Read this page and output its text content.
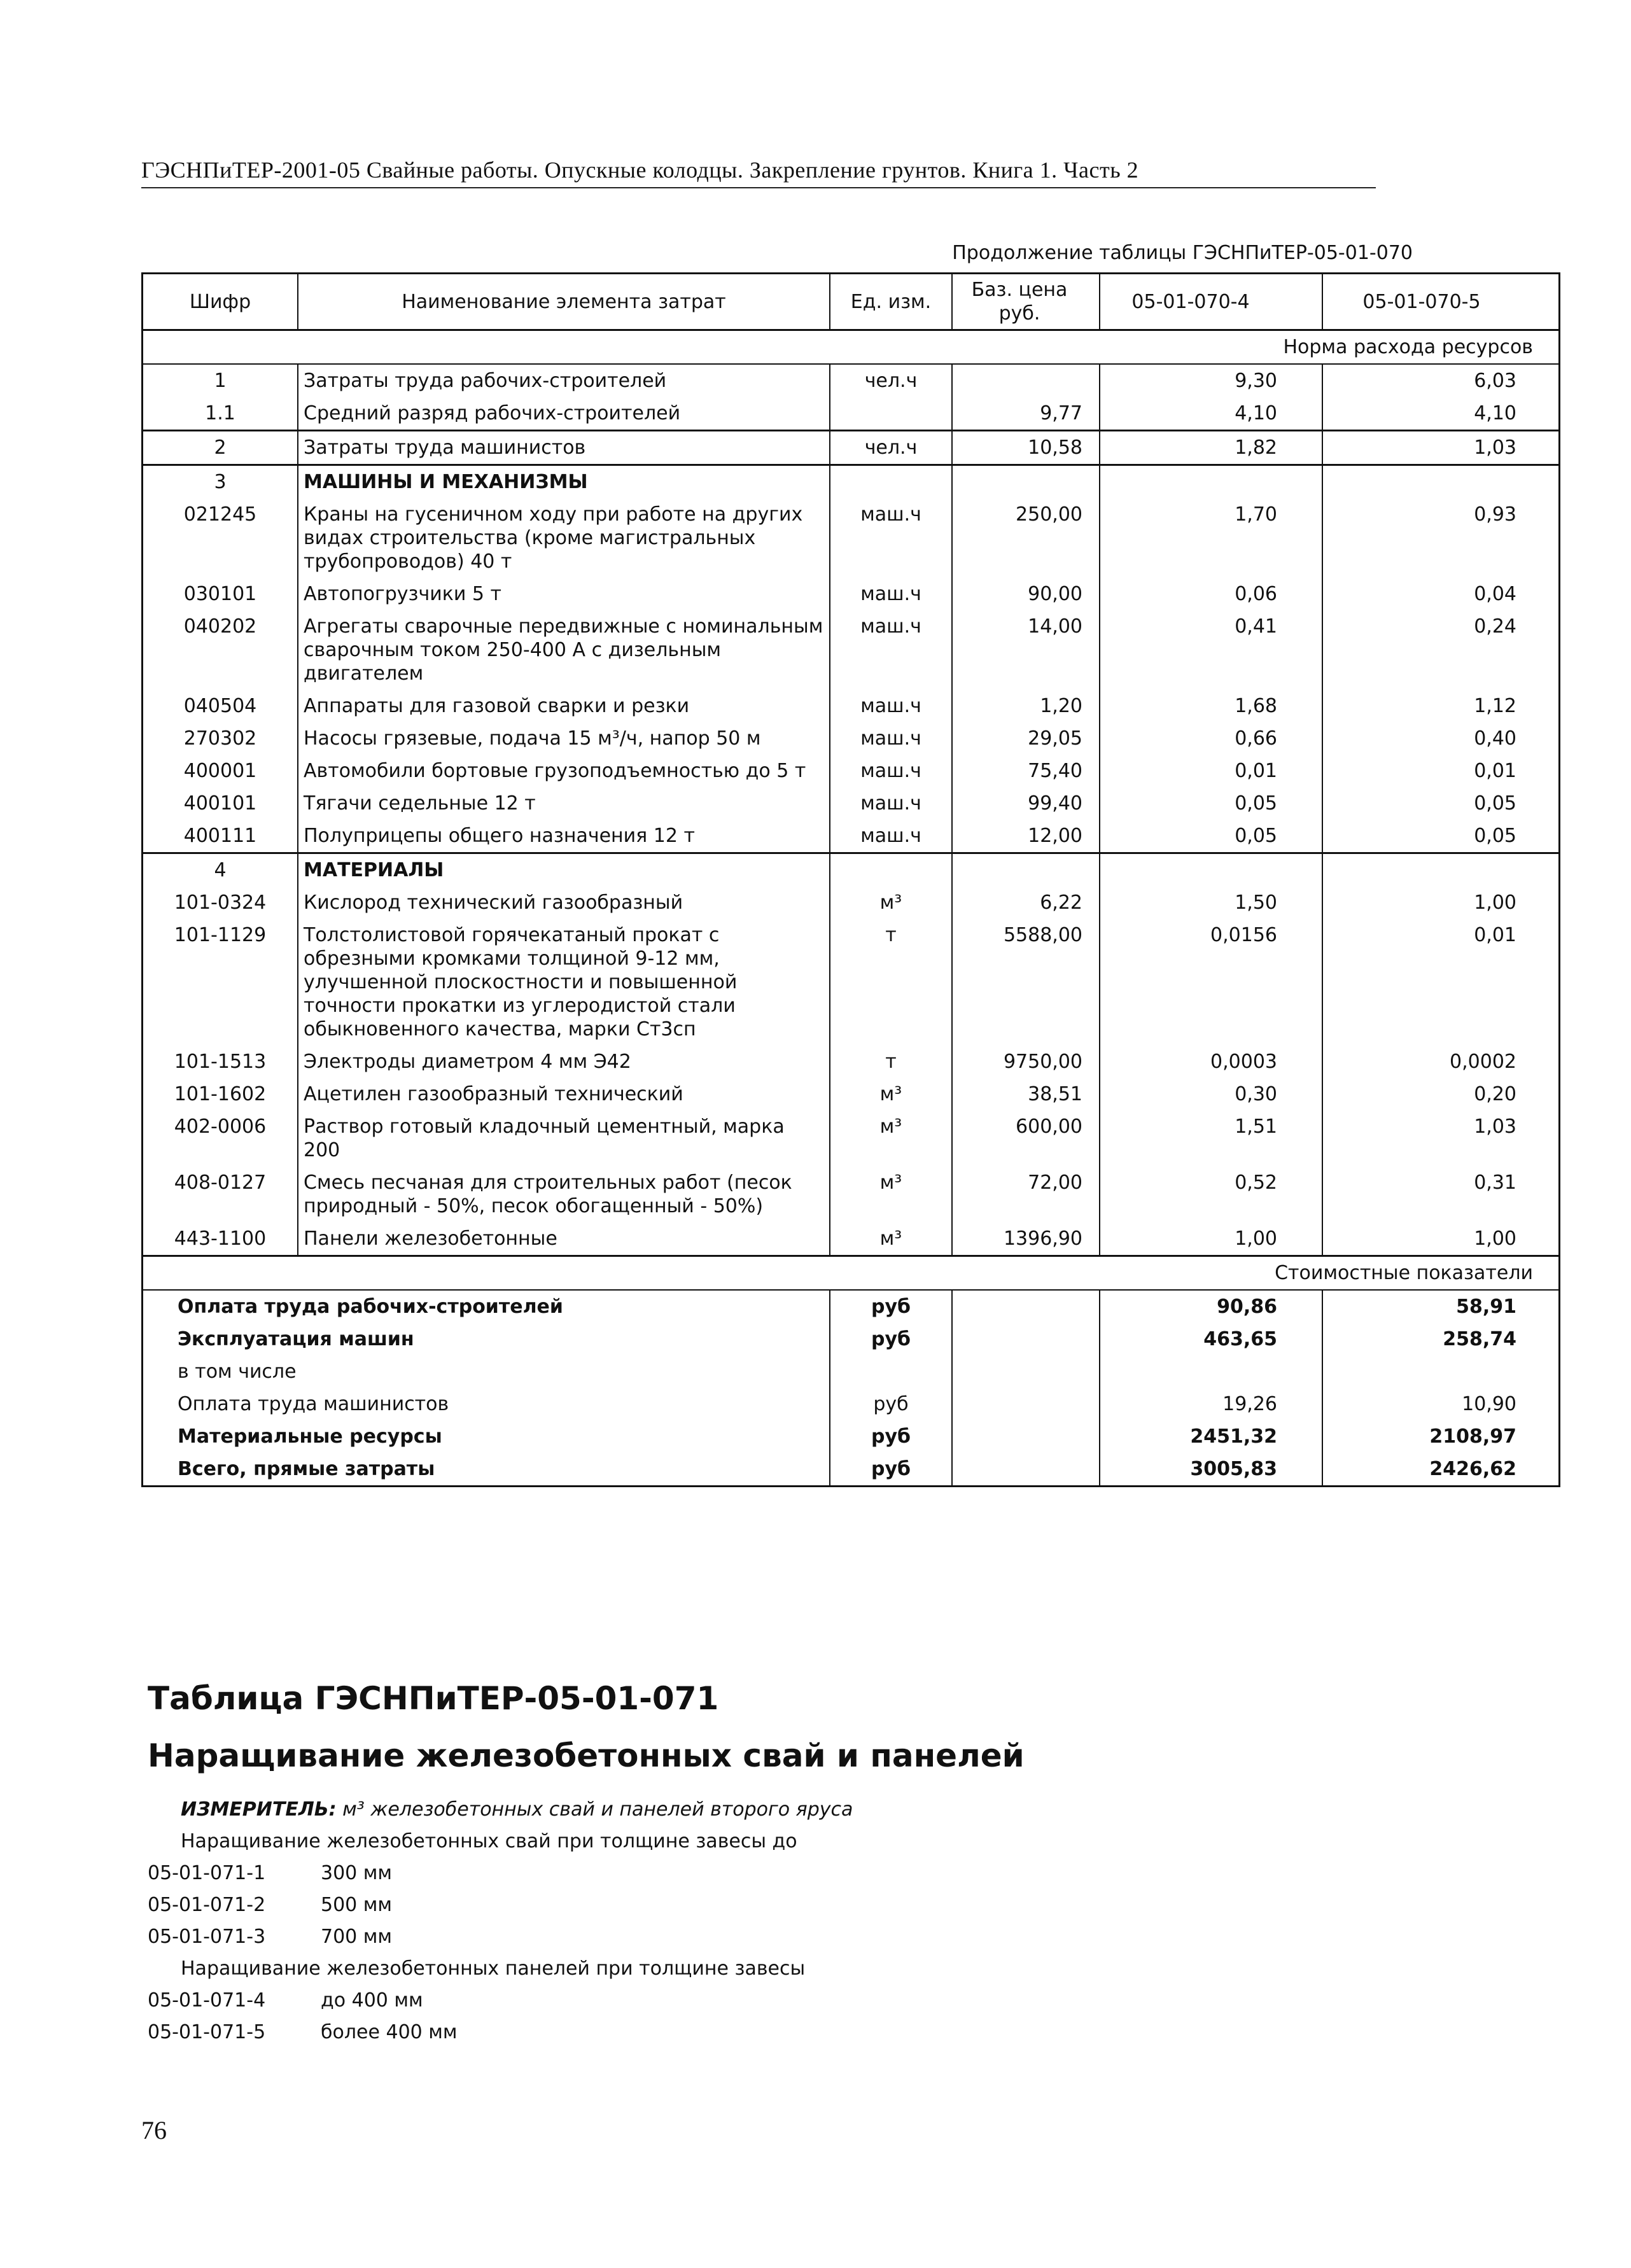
ГЭСНПиТЕР-2001-05 Свайные работы. Опускные колодцы. Закрепление грунтов. Книга 1. Часть 2
Продолжение таблицы ГЭСНПиТЕР-05-01-070
Шифр	Наименование элемента затрат	Ед. изм.	Баз. цена руб.	05-01-070-4	05-01-070-5
Норма расхода ресурсов					
1	Затраты труда рабочих-строителей	чел.ч		9,30	6,03
1.1	Средний разряд рабочих-строителей		9,77	4,10	4,10
2	Затраты труда машинистов	чел.ч	10,58	1,82	1,03
3	МАШИНЫ И МЕХАНИЗМЫ				
021245	Краны на гусеничном ходу при работе на других видах строительства (кроме магистральных трубопроводов) 40 т	маш.ч	250,00	1,70	0,93
030101	Автопогрузчики 5 т	маш.ч	90,00	0,06	0,04
040202	Агрегаты сварочные передвижные с номинальным сварочным током 250-400 А с дизельным двигателем	маш.ч	14,00	0,41	0,24
040504	Аппараты для газовой сварки и резки	маш.ч	1,20	1,68	1,12
270302	Насосы грязевые, подача 15 м³/ч, напор 50 м	маш.ч	29,05	0,66	0,40
400001	Автомобили бортовые грузоподъемностью до 5 т	маш.ч	75,40	0,01	0,01
400101	Тягачи седельные 12 т	маш.ч	99,40	0,05	0,05
400111	Полуприцепы общего назначения 12 т	маш.ч	12,00	0,05	0,05
4	МАТЕРИАЛЫ				
101-0324	Кислород технический газообразный	м³	6,22	1,50	1,00
101-1129	Толстолистовой горячекатаный прокат с обрезными кромками толщиной 9-12 мм, улучшенной плоскостности и повышенной точности прокатки из углеродистой стали обыкновенного качества, марки Ст3сп	т	5588,00	0,0156	0,01
101-1513	Электроды диаметром 4 мм Э42	т	9750,00	0,0003	0,0002
101-1602	Ацетилен газообразный технический	м³	38,51	0,30	0,20
402-0006	Раствор готовый кладочный цементный, марка 200	м³	600,00	1,51	1,03
408-0127	Смесь песчаная для строительных работ (песок природный - 50%, песок обогащенный - 50%)	м³	72,00	0,52	0,31
443-1100	Панели железобетонные	м³	1396,90	1,00	1,00
Стоимостные показатели					
Оплата труда рабочих-строителей		руб		90,86	58,91
Эксплуатация машин		руб		463,65	258,74
в том числе					
Оплата труда машинистов		руб		19,26	10,90
Материальные ресурсы		руб		2451,32	2108,97
Всего, прямые затраты		руб		3005,83	2426,62
Таблица ГЭСНПиТЕР-05-01-071
Наращивание железобетонных свай и панелей
ИЗМЕРИТЕЛЬ: м³ железобетонных свай и панелей второго яруса
Наращивание железобетонных свай при толщине завесы до
05-01-071-1	300 мм
05-01-071-2	500 мм
05-01-071-3	700 мм
Наращивание железобетонных панелей при толщине завесы
05-01-071-4	до 400 мм
05-01-071-5	более 400 мм
76
